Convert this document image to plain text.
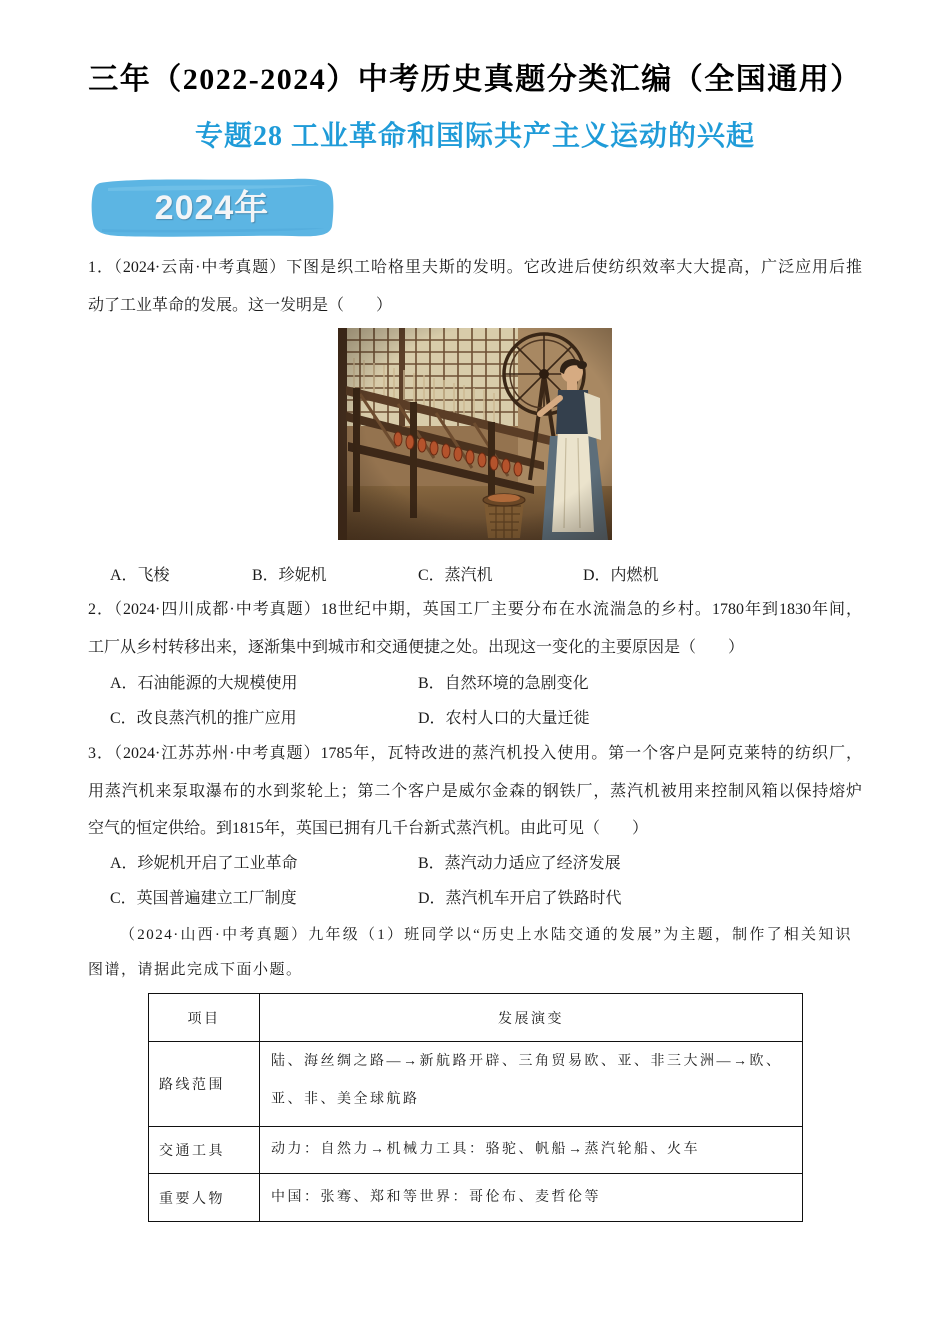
三年（2022-2024）中考历史真题分类汇编（全国通用）
专题28 工业革命和国际共产主义运动的兴起
2024年
1．（2024·云南·中考真题）下图是织工哈格里夫斯的发明。它改进后使纺织效率大大提高，广泛应用后推
动了工业革命的发展。这一发明是（　　）
A．飞梭	B．珍妮机	C．蒸汽机	D．内燃机
2．（2024·四川成都·中考真题）18世纪中期，英国工厂主要分布在水流湍急的乡村。1780年到1830年间，
工厂从乡村转移出来，逐渐集中到城市和交通便捷之处。出现这一变化的主要原因是（　　）
A．石油能源的大规模使用	B．自然环境的急剧变化
C．改良蒸汽机的推广应用	D．农村人口的大量迁徙
3．（2024·江苏苏州·中考真题）1785年，瓦特改进的蒸汽机投入使用。第一个客户是阿克莱特的纺织厂，
用蒸汽机来泵取瀑布的水到浆轮上；第二个客户是威尔金森的钢铁厂，蒸汽机被用来控制风箱以保持熔炉
空气的恒定供给。到1815年，英国已拥有几千台新式蒸汽机。由此可见（　　）
A．珍妮机开启了工业革命	B．蒸汽动力适应了经济发展
C．英国普遍建立工厂制度	D．蒸汽机车开启了铁路时代
（2024·山西·中考真题）九年级（1）班同学以“历史上水陆交通的发展”为主题，制作了相关知识
图谱，请据此完成下面小题。
项目	发展演变
路线范围	陆、海丝绸之路—→新航路开辟、三角贸易欧、亚、非三大洲—→欧、
亚、非、美全球航路

交通工具	动力：自然力→机械力工具：骆驼、帆船→蒸汽轮船、火车

重要人物	中国：张骞、郑和等世界：哥伦布、麦哲伦等
